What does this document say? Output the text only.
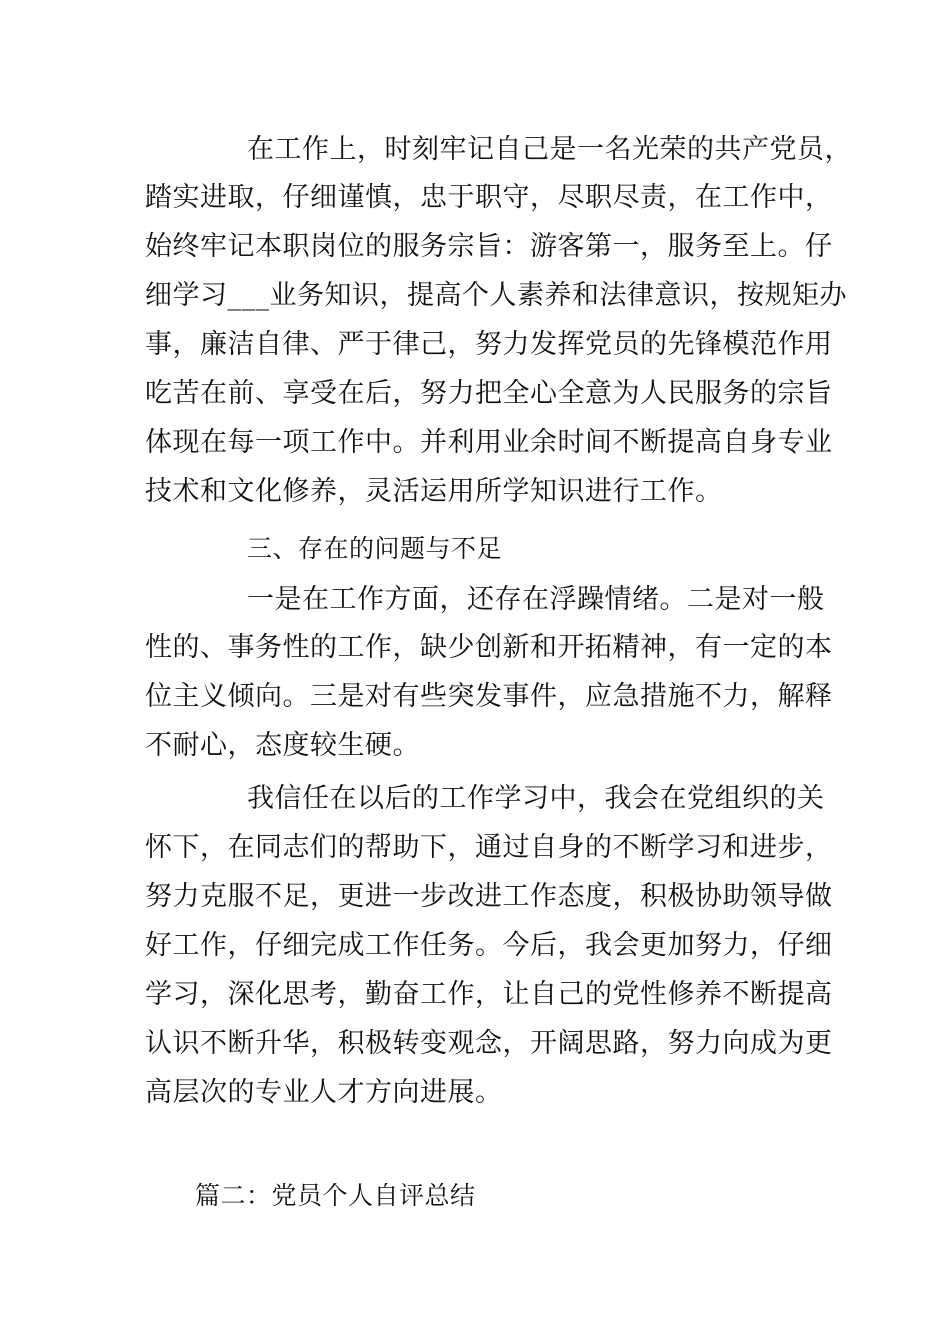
在工作上，时刻牢记自己是一名光荣的共产党员，
踏实进取，仔细谨慎，忠于职守，尽职尽责，在工作中，
始终牢记本职岗位的服务宗旨：游客第一，服务至上。仔
细学习___业务知识，提高个人素养和法律意识，按规矩办
事，廉洁自律、严于律己，努力发挥党员的先锋模范作用
吃苦在前、享受在后，努力把全心全意为人民服务的宗旨
体现在每一项工作中。并利用业余时间不断提高自身专业
技术和文化修养，灵活运用所学知识进行工作。
三、存在的问题与不足
一是在工作方面，还存在浮躁情绪。二是对一般
性的、事务性的工作，缺少创新和开拓精神，有一定的本
位主义倾向。三是对有些突发事件，应急措施不力，解释
不耐心，态度较生硬。
我信任在以后的工作学习中，我会在党组织的关
怀下，在同志们的帮助下，通过自身的不断学习和进步，
努力克服不足，更进一步改进工作态度，积极协助领导做
好工作，仔细完成工作任务。今后，我会更加努力，仔细
学习，深化思考，勤奋工作，让自己的党性修养不断提高
认识不断升华，积极转变观念，开阔思路，努力向成为更
高层次的专业人才方向进展。
篇二：党员个人自评总结
